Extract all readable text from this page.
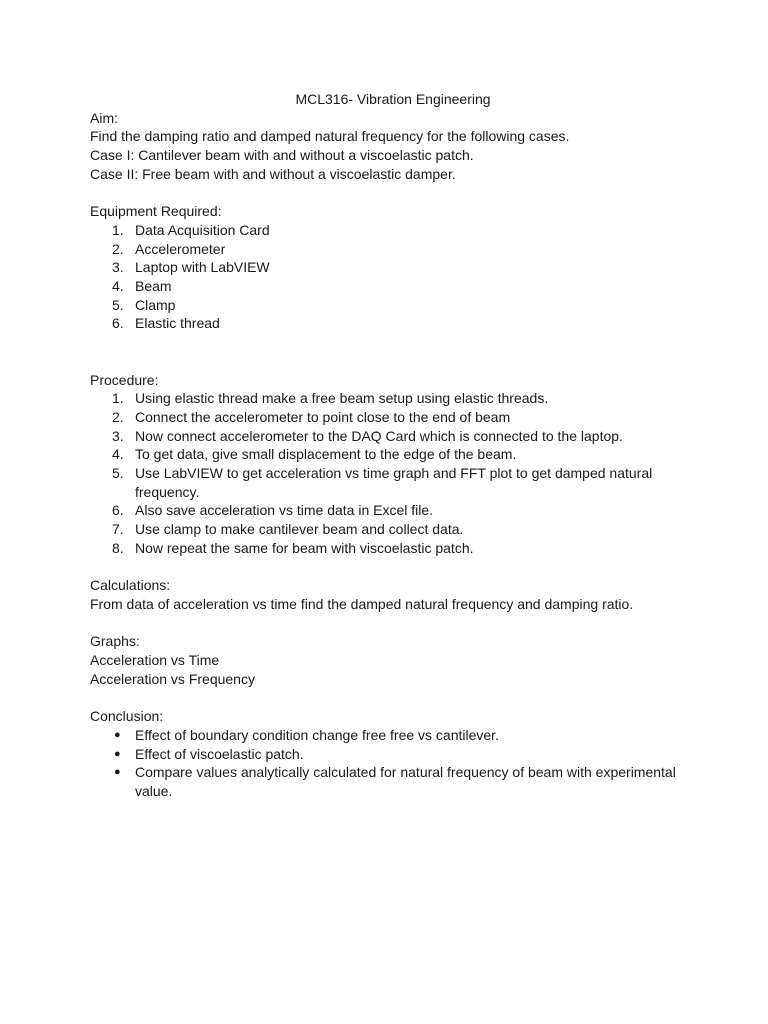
MCL316- Vibration Engineering

Aim:

Find the damping ratio and damped natural frequency for the following cases.

Case I: Cantilever beam with and without a viscoelastic patch.

Case II: Free beam with and without a viscoelastic damper.

Equipment Required:

1. Data Acquisition Card
2. Accelerometer
3. Laptop with LabVIEW
4. Beam
5. Clamp
6. Elastic thread

Procedure:

1. Using elastic thread make a free beam setup using elastic threads.
2. Connect the accelerometer to point close to the end of beam
3. Now connect accelerometer to the DAQ Card which is connected to the laptop.
4. To get data, give small displacement to the edge of the beam.
5. Use LabVIEW to get acceleration vs time graph and FFT plot to get damped natural frequency.
6. Also save acceleration vs time data in Excel file.
7. Use clamp to make cantilever beam and collect data.
8. Now repeat the same for beam with viscoelastic patch.

Calculations:

From data of acceleration vs time find the damped natural frequency and damping ratio.

Graphs:

Acceleration vs Time

Acceleration vs Frequency

Conclusion:

●	Effect of boundary condition change free free vs cantilever.
●	Effect of viscoelastic patch.
●	Compare values analytically calculated for natural frequency of beam with experimental value.
